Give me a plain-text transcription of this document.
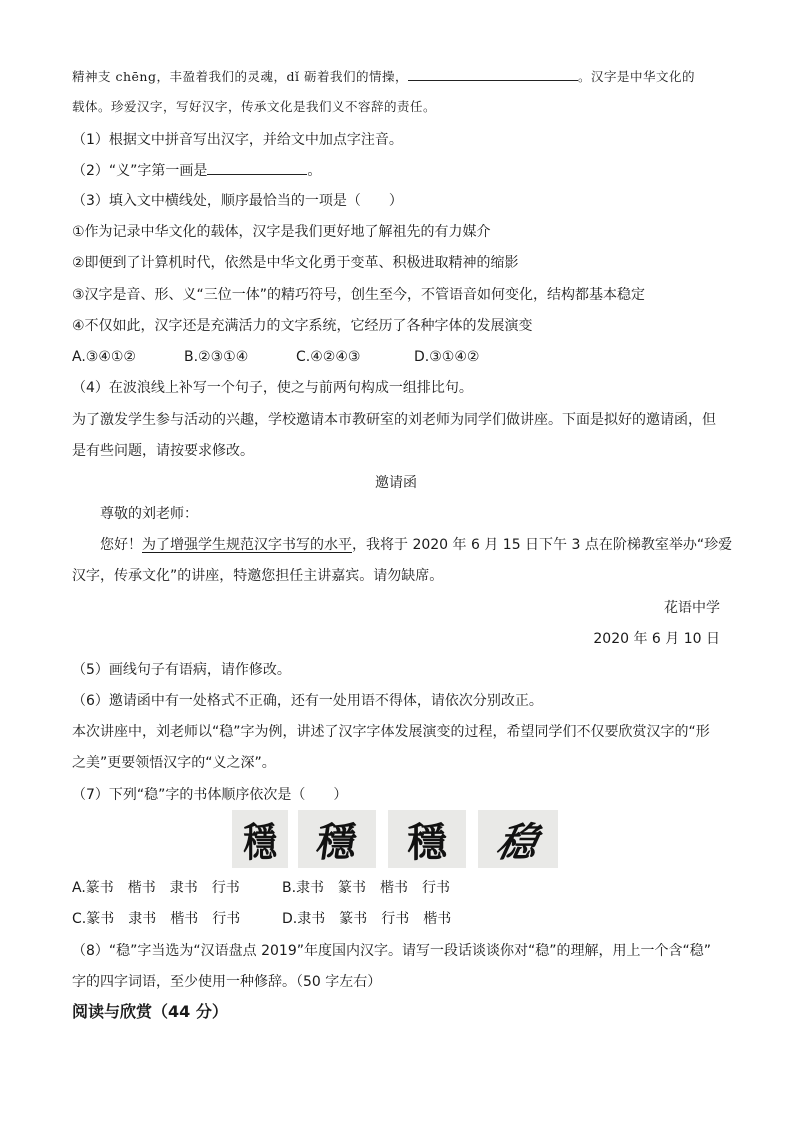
精神支 chēng，丰盈着我们的灵魂，dǐ 砺着我们的情操，	。汉字是中华文化的
载体。珍爱汉字，写好汉字，传承文化是我们义不容辞的责任。
（1）根据文中拼音写出汉字，并给文中加点字注音。
（2）“义”字第一画是	。
（3）填入文中横线处，顺序最恰当的一项是（　　）
①作为记录中华文化的载体，汉字是我们更好地了解祖先的有力媒介
②即便到了计算机时代，依然是中华文化勇于变革、积极进取精神的缩影
③汉字是音、形、义“三位一体”的精巧符号，创生至今，不管语音如何变化，结构都基本稳定
④不仅如此，汉字还是充满活力的文字系统，它经历了各种字体的发展演变
A.③④①②	B.②③①④	C.④②④③	D.③①④②
（4）在波浪线上补写一个句子，使之与前两句构成一组排比句。
为了激发学生参与活动的兴趣，学校邀请本市教研室的刘老师为同学们做讲座。下面是拟好的邀请函，但
是有些问题，请按要求修改。
邀请函
尊敬的刘老师：
您好！为了增强学生规范汉字书写的水平，我将于 2020 年 6 月 15 日下午 3 点在阶梯教室举办“珍爱
汉字，传承文化”的讲座，特邀您担任主讲嘉宾。请勿缺席。
花语中学
2020 年 6 月 10 日
（5）画线句子有语病，请作修改。
（6）邀请函中有一处格式不正确，还有一处用语不得体，请依次分别改正。
本次讲座中，刘老师以“稳”字为例，讲述了汉字字体发展演变的过程，希望同学们不仅要欣赏汉字的“形
之美”更要领悟汉字的“义之深”。
（7）下列“稳”字的书体顺序依次是（　　）
穩 穩 穩 稳
A.篆书　楷书　隶书　行书	B.隶书　篆书　楷书　行书
C.篆书　隶书　楷书　行书	D.隶书　篆书　行书　楷书
（8）“稳”字当选为“汉语盘点 2019”年度国内汉字。请写一段话谈谈你对“稳”的理解，用上一个含“稳”
字的四字词语，至少使用一种修辞。（50 字左右）
阅读与欣赏（44 分）
